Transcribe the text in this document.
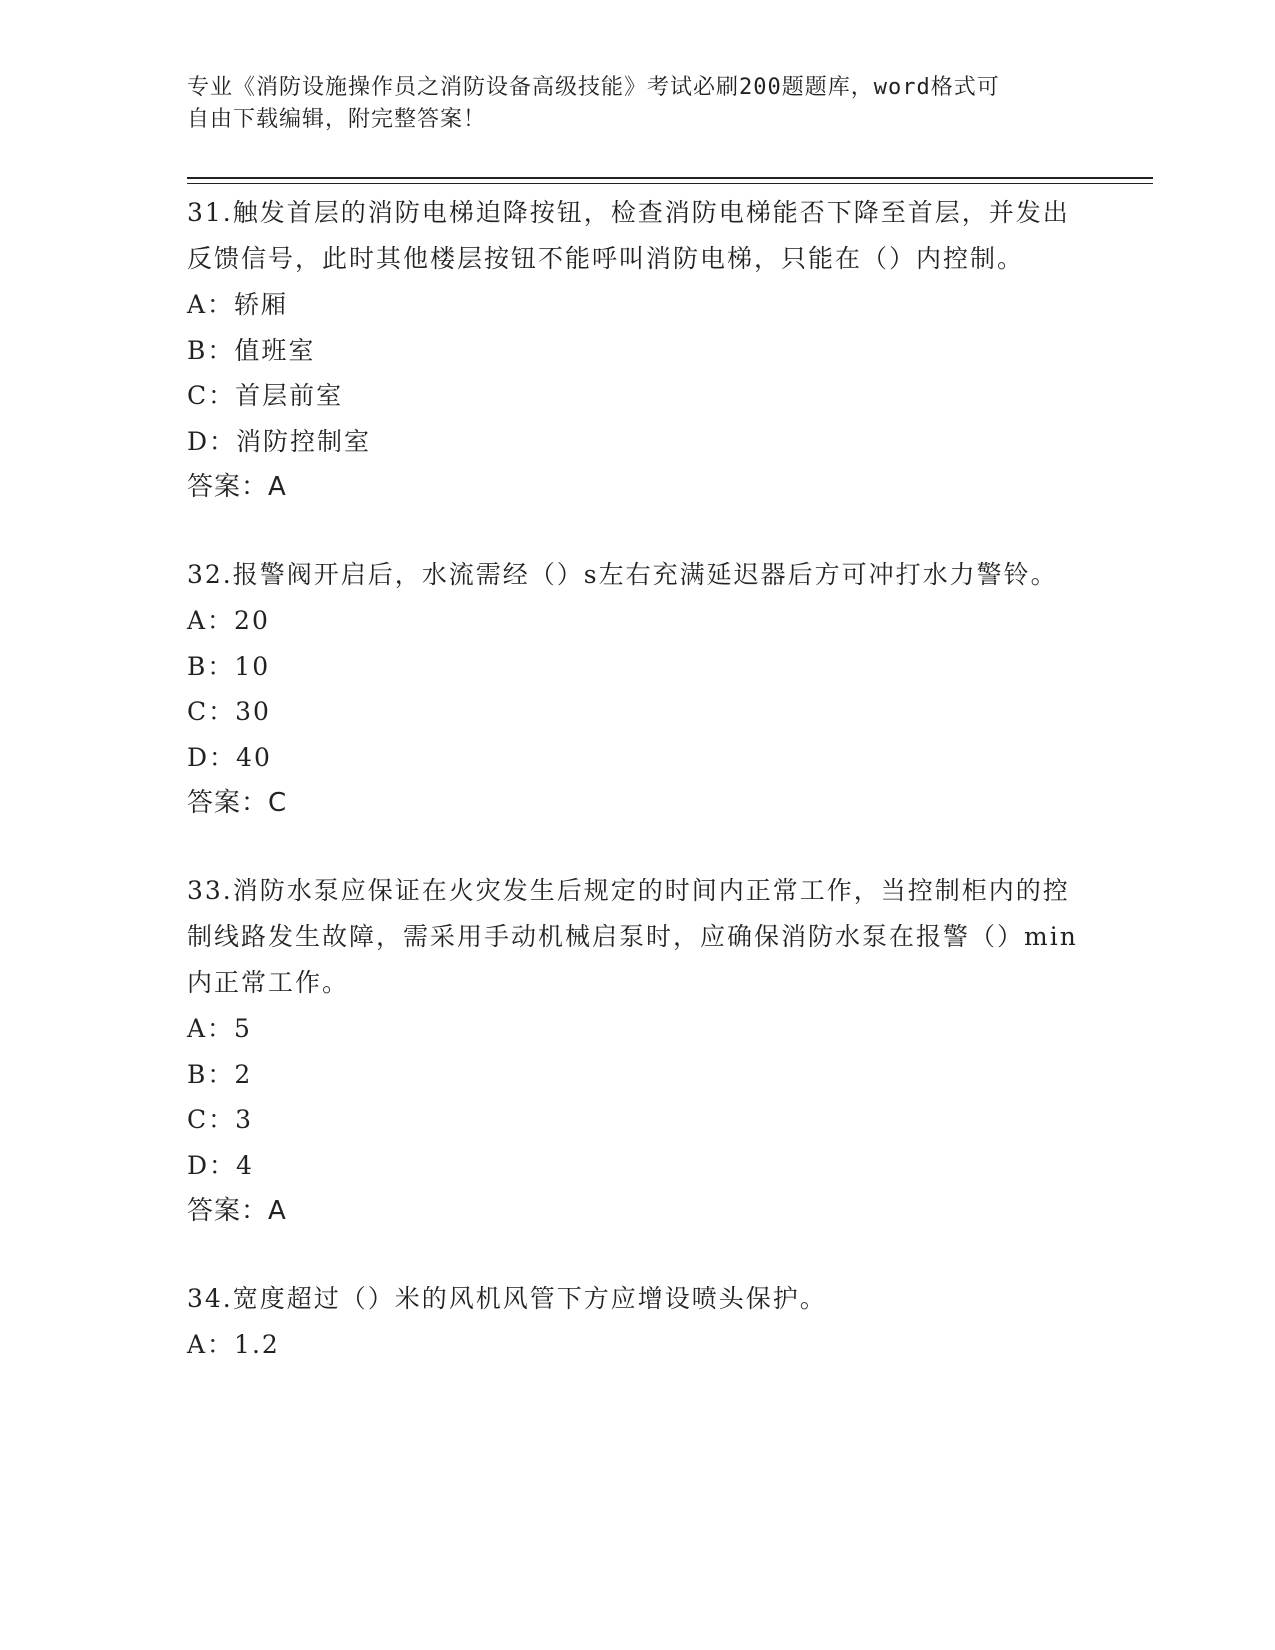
专业《消防设施操作员之消防设备高级技能》考试必刷200题题库，word格式可
自由下载编辑，附完整答案！

31.触发首层的消防电梯迫降按钮，检查消防电梯能否下降至首层，并发出反馈信号，此时其他楼层按钮不能呼叫消防电梯，只能在（）内控制。

A：轿厢
B：值班室
C：首层前室
D：消防控制室
答案：A

32.报警阀开启后，水流需经（）s左右充满延迟器后方可冲打水力警铃。

A：20
B：10
C：30
D：40
答案：C

33.消防水泵应保证在火灾发生后规定的时间内正常工作，当控制柜内的控制线路发生故障，需采用手动机械启泵时，应确保消防水泵在报警（）min内正常工作。

A：5
B：2
C：3
D：4
答案：A

34.宽度超过（）米的风机风管下方应增设喷头保护。

A：1.2
